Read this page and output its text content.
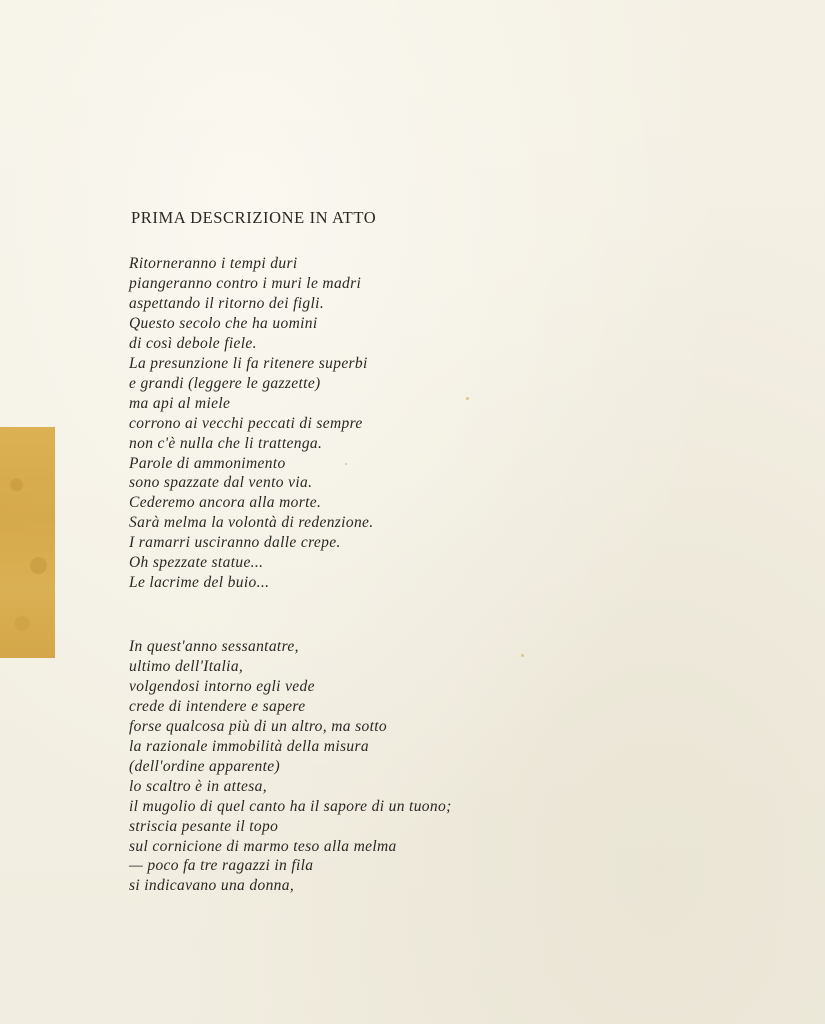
PRIMA DESCRIZIONE IN ATTO
Ritorneranno i tempi duri
piangeranno contro i muri le madri
aspettando il ritorno dei figli.
Questo secolo che ha uomini
di così debole fiele.
La presunzione li fa ritenere superbi
e grandi (leggere le gazzette)
ma api al miele
corrono ai vecchi peccati di sempre
non c'è nulla che li trattenga.
Parole di ammonimento
sono spazzate dal vento via.
Cederemo ancora alla morte.
Sarà melma la volontà di redenzione.
I ramarri usciranno dalle crepe.
Oh spezzate statue...
Le lacrime del buio...
In quest'anno sessantatre,
ultimo dell'Italia,
volgendosi intorno egli vede
crede di intendere e sapere
forse qualcosa più di un altro, ma sotto
la razionale immobilità della misura
(dell'ordine apparente)
lo scaltro è in attesa,
il mugolio di quel canto ha il sapore di un tuono;
striscia pesante il topo
sul cornicione di marmo teso alla melma
— poco fa tre ragazzi in fila
si indicavano una donna,
